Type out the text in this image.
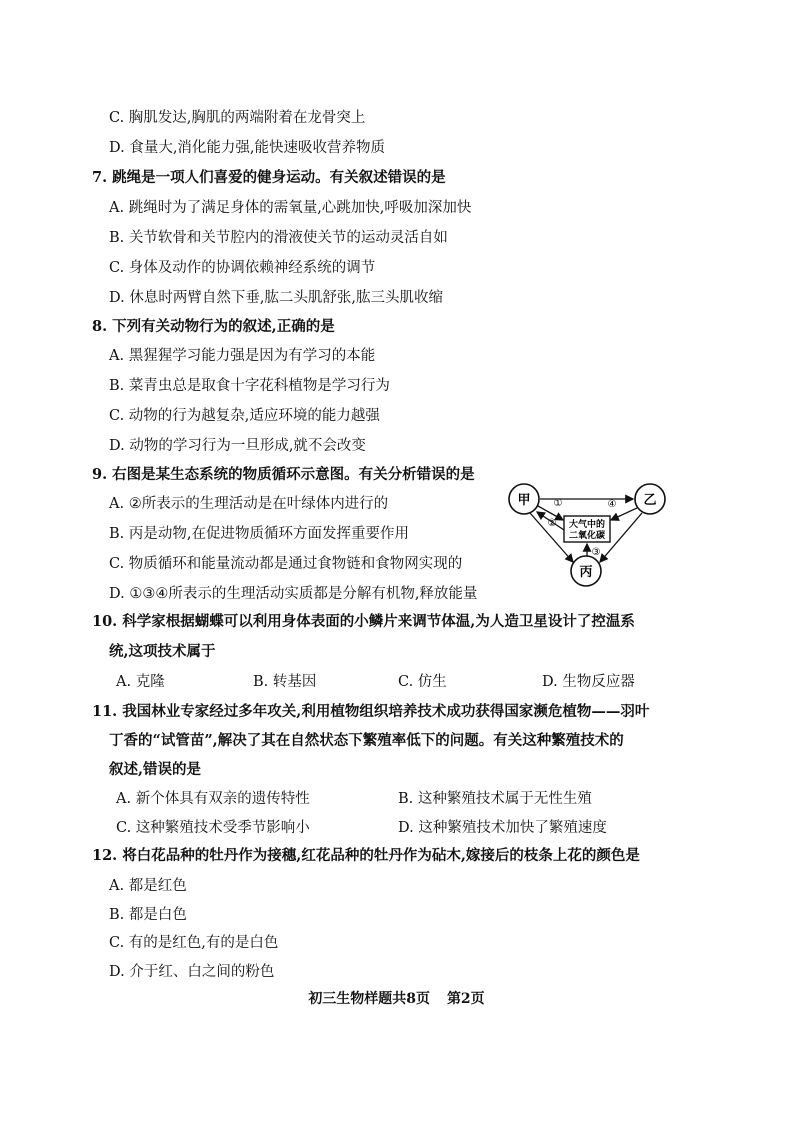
C. 胸肌发达,胸肌的两端附着在龙骨突上
D. 食量大,消化能力强,能快速吸收营养物质
7. 跳绳是一项人们喜爱的健身运动。有关叙述错误的是
A. 跳绳时为了满足身体的需氧量,心跳加快,呼吸加深加快
B. 关节软骨和关节腔内的滑液使关节的运动灵活自如
C. 身体及动作的协调依赖神经系统的调节
D. 休息时两臂自然下垂,肱二头肌舒张,肱三头肌收缩
8. 下列有关动物行为的叙述,正确的是
A. 黑猩猩学习能力强是因为有学习的本能
B. 菜青虫总是取食十字花科植物是学习行为
C. 动物的行为越复杂,适应环境的能力越强
D. 动物的学习行为一旦形成,就不会改变
9. 右图是某生态系统的物质循环示意图。有关分析错误的是
A. ②所表示的生理活动是在叶绿体内进行的
B. 丙是动物,在促进物质循环方面发挥重要作用
C. 物质循环和能量流动都是通过食物链和食物网实现的
D. ①③④所表示的生理活动实质都是分解有机物,释放能量
甲	乙
丙
大气中的
二氧化碳
①
②
③
④
10. 科学家根据蝴蝶可以利用身体表面的小鳞片来调节体温,为人造卫星设计了控温系
统,这项技术属于
A. 克隆	B. 转基因	C. 仿生	D. 生物反应器
11. 我国林业专家经过多年攻关,利用植物组织培养技术成功获得国家濒危植物——羽叶
丁香的“试管苗”,解决了其在自然状态下繁殖率低下的问题。有关这种繁殖技术的
叙述,错误的是
A. 新个体具有双亲的遗传特性	B. 这种繁殖技术属于无性生殖
C. 这种繁殖技术受季节影响小	D. 这种繁殖技术加快了繁殖速度
12. 将白花品种的牡丹作为接穗,红花品种的牡丹作为砧木,嫁接后的枝条上花的颜色是
A. 都是红色
B. 都是白色
C. 有的是红色,有的是白色
D. 介于红、白之间的粉色
初三生物样题共8页 第2页
